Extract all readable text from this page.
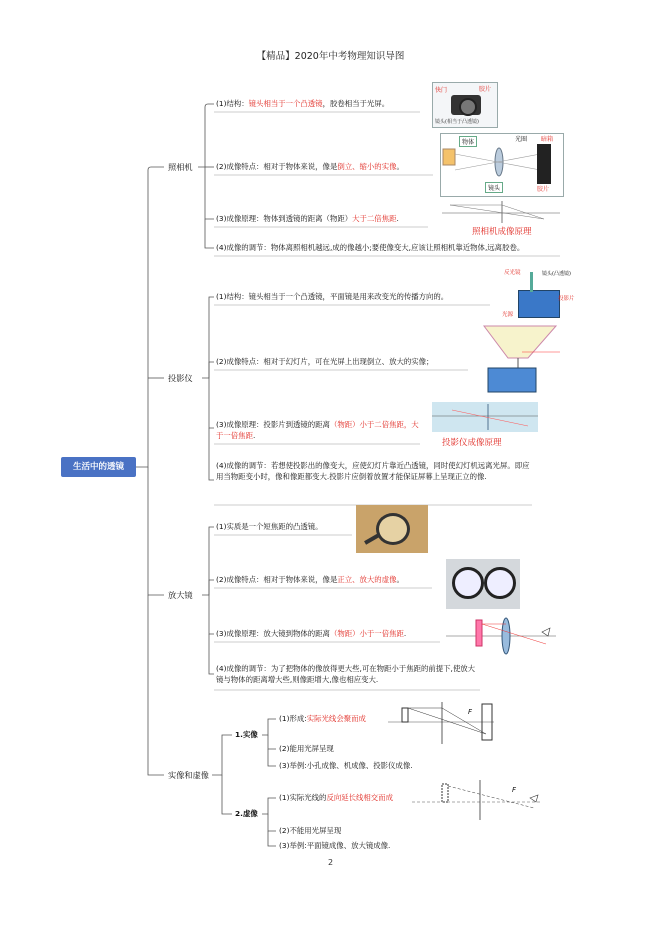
【精品】2020年中考物理知识导图
生活中的透镜
照相机
投影仪
放大镜
实像和虚像
(1)结构：镜头相当于一个凸透镜，胶卷相当于光屏。
(2)成像特点：相对于物体来说，像是倒立、缩小的实像。
(3)成像原理：物体到透镜的距离（物距）大于二倍焦距.
(4)成像的调节：物体离照相机越远,成的像越小;要使像变大,应该让照相机靠近物体,远离胶卷。
快门	胶片
镜头(相当于凸透镜)
物体	光圈 暗箱
镜头	胶片
照相机成像原理
(1)结构：镜头相当于一个凸透镜，平面镜是用来改变光的传播方向的。
(2)成像特点：相对于幻灯片，可在光屏上出现倒立、放大的实像；
(3)成像原理：投影片到透镜的距离（物距）小于二倍焦距，大于一倍焦距.
(4)成像的调节：若想使投影出的像变大，应使幻灯片靠近凸透镜，同时使幻灯机远离光屏。即应用当物距变小时，像和像距都变大.投影片应倒着放置才能保证屏幕上呈现正立的像.
反光镜	镜头(凸透镜)
投影片
光源
投影仪成像原理
(1)实质是一个短焦距的凸透镜。
(2)成像特点：相对于物体来说，像是正立、放大的虚像。
(3)成像原理：放大镜到物体的距离（物距）小于一倍焦距.
(4)成像的调节：为了把物体的像放得更大些,可在物距小于焦距的前提下,使放大镜与物体的距离增大些,则像距增大,像也相应变大.
1.实像
2.虚像
(1)形成:实际光线会聚而成
(2)能用光屏呈现
(3)举例:小孔成像、机成像、投影仪成像.
(1)实际光线的反向延长线相交而成
(2)不能用光屏呈现
(3)举例:平面镜成像、放大镜成像.
F
F
2
